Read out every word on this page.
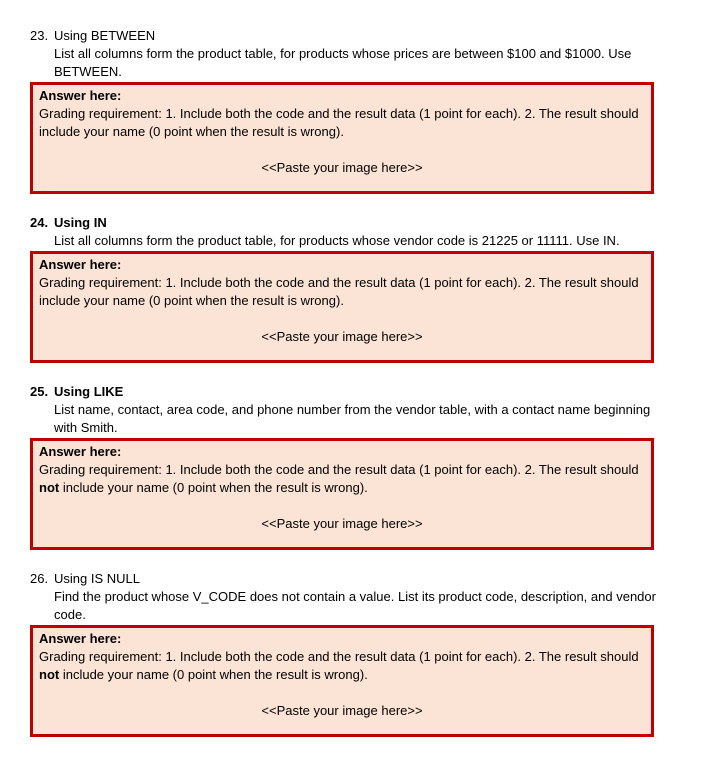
23. Using BETWEEN
List all columns form the product table, for products whose prices are between $100 and $1000. Use BETWEEN.
Answer here:
Grading requirement: 1. Include both the code and the result data (1 point for each). 2. The result should include your name (0 point when the result is wrong).
<<Paste your image here>>
24. Using IN
List all columns form the product table, for products whose vendor code is 21225 or 11111. Use IN.
Answer here:
Grading requirement: 1. Include both the code and the result data (1 point for each). 2. The result should include your name (0 point when the result is wrong).
<<Paste your image here>>
25. Using LIKE
List name, contact, area code, and phone number from the vendor table, with a contact name beginning with Smith.
Answer here:
Grading requirement: 1. Include both the code and the result data (1 point for each). 2. The result should not include your name (0 point when the result is wrong).
<<Paste your image here>>
26. Using IS NULL
Find the product whose V_CODE does not contain a value. List its product code, description, and vendor code.
Answer here:
Grading requirement: 1. Include both the code and the result data (1 point for each). 2. The result should not include your name (0 point when the result is wrong).
<<Paste your image here>>
